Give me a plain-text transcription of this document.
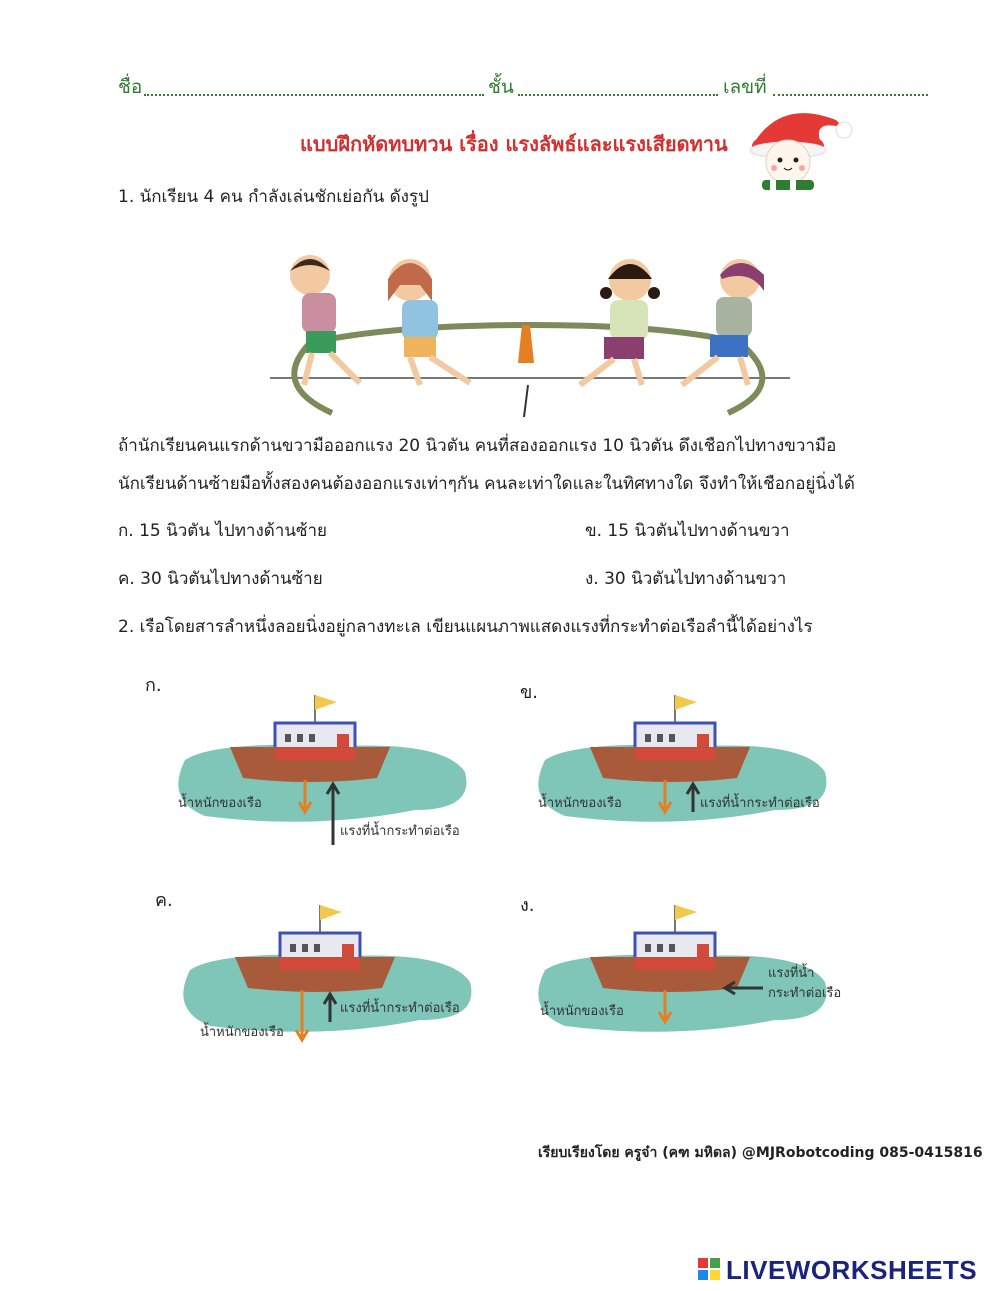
ชื่อ	ชั้น	เลขที่
แบบฝึกหัดทบทวน เรื่อง แรงลัพธ์และแรงเสียดทาน
1. นักเรียน 4 คน กำลังเล่นชักเย่อกัน ดังรูป
ถ้านักเรียนคนแรกด้านขวามือออกแรง 20 นิวตัน คนที่สองออกแรง 10 นิวตัน ดึงเชือกไปทางขวามือ
นักเรียนด้านซ้ายมือทั้งสองคนต้องออกแรงเท่าๆกัน คนละเท่าใดและในทิศทางใด จึงทำให้เชือกอยู่นิ่งได้
ก. 15 นิวตัน ไปทางด้านซ้าย	ข. 15 นิวตันไปทางด้านขวา
ค. 30 นิวตันไปทางด้านซ้าย	ง. 30 นิวตันไปทางด้านขวา
2. เรือโดยสารลำหนึ่งลอยนิ่งอยู่กลางทะเล เขียนแผนภาพแสดงแรงที่กระทำต่อเรือลำนี้ได้อย่างไร
ก.
น้ำหนักของเรือ
แรงที่น้ำกระทำต่อเรือ
ข.
น้ำหนักของเรือ	แรงที่น้ำกระทำต่อเรือ
ค.
น้ำหนักของเรือ
แรงที่น้ำกระทำต่อเรือ
ง.
น้ำหนักของเรือ
แรงที่น้ำ
กระทำต่อเรือ
เรียบเรียงโดย ครูจ๋า (คฑ มหิดล) @MJRobotcoding 085-0415816
LIVEWORKSHEETS
